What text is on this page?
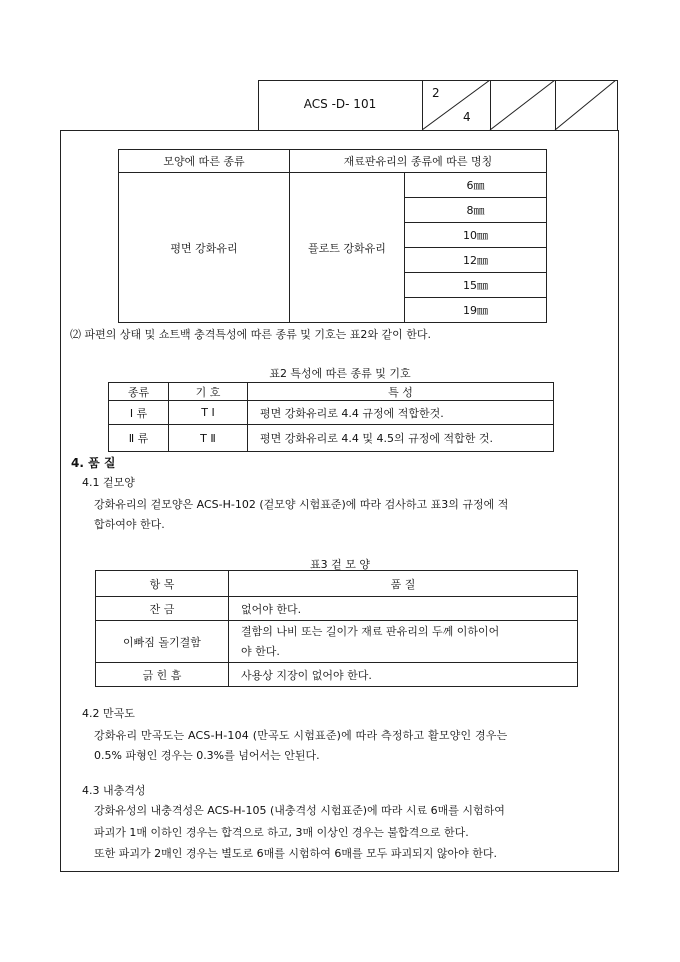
ACS -D- 101
2
4
모양에 따른 종류	재료판유리의 종류에 따른 명칭	
평면 강화유리	플로트 강화유리	6㎜
		8㎜
		10㎜
		12㎜
		15㎜
		19㎜
⑵ 파편의 상태 및 쇼트백 충격특성에 따른 종류 및 기호는 표2와 같이 한다.
표2 특성에 따른 종류 및 기호
종류	기 호	특 성
Ⅰ 류	T Ⅰ	평면 강화유리로 4.4 규정에 적합한것.
Ⅱ 류	T Ⅱ	평면 강화유리로 4.4 및 4.5의 규정에 적합한 것.
4. 품 질
4.1 겉모양
강화유리의 겉모양은 ACS-H-102 (겉모양 시험표준)에 따라 검사하고 표3의 규정에 적
합하여야 한다.
표3 겉 모 양
항 목	품 질
잔 금	없어야 한다.
이빠짐 돌기결함	결함의 나비 또는 길이가 재료 판유리의 두께 이하이어
야 한다.

긁 힌 흠	사용상 지장이 없어야 한다.
4.2 만곡도
강화유리 만곡도는 ACS-H-104 (만곡도 시험표준)에 따라 측정하고 활모양인 경우는
0.5% 파형인 경우는 0.3%를 넘어서는 안된다.
4.3 내충격성
강화유성의 내충격성은 ACS-H-105 (내충격성 시험표준)에 따라 시료 6매를 시험하여
파괴가 1매 이하인 경우는 합격으로 하고, 3매 이상인 경우는 불합격으로 한다.
또한 파괴가 2매인 경우는 별도로 6매를 시험하여 6매를 모두 파괴되지 않아야 한다.
